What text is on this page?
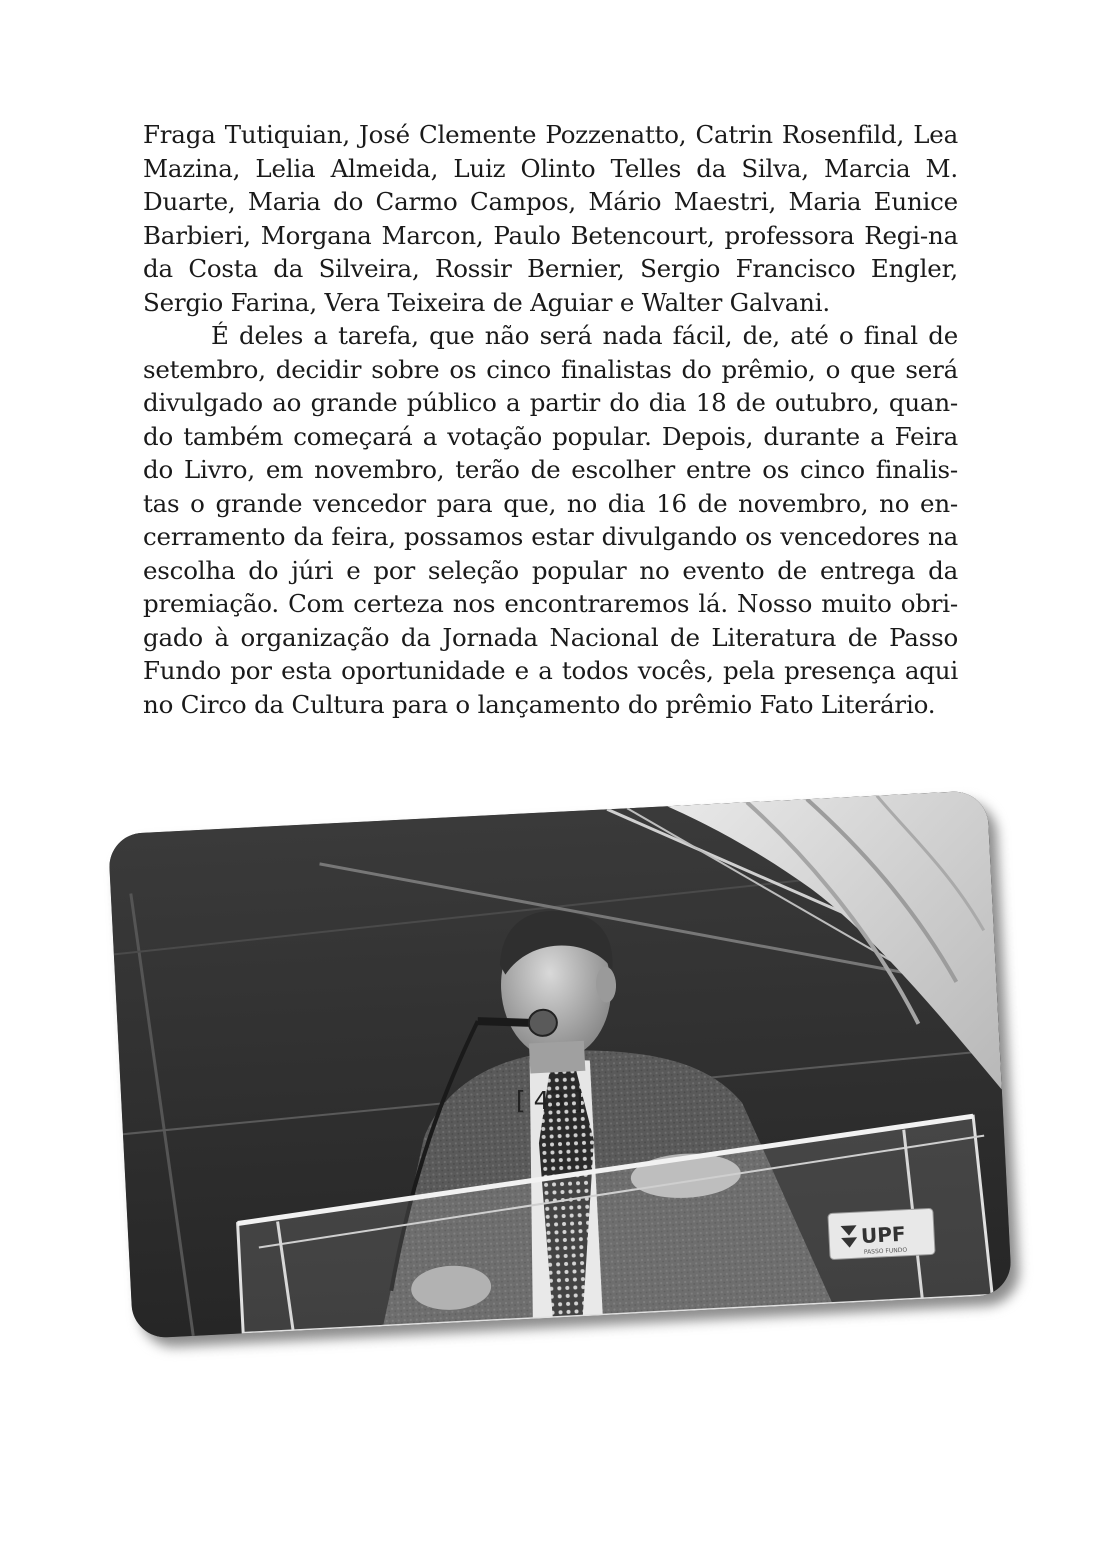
Fraga Tutiquian, José Clemente Pozzenatto, Catrin Rosenfild, Lea Mazina, Lelia Almeida, Luiz Olinto Telles da Silva, Marcia M. Duarte, Maria do Carmo Campos, Mário Maestri, Maria Eunice Barbieri, Morgana Marcon, Paulo Betencourt, professora Regi-na da Costa da Silveira, Rossir Bernier, Sergio Francisco Engler, Sergio Farina, Vera Teixeira de Aguiar e Walter Galvani.

É deles a tarefa, que não será nada fácil, de, até o final de setembro, decidir sobre os cinco finalistas do prêmio, o que será divulgado ao grande público a partir do dia 18 de outubro, quan-do também começará a votação popular. Depois, durante a Feira do Livro, em novembro, terão de escolher entre os cinco finalis-tas o grande vencedor para que, no dia 16 de novembro, no en-cerramento da feira, possamos estar divulgando os vencedores na escolha do júri e por seleção popular no evento de entrega da premiação. Com certeza nos encontraremos lá. Nosso muito obri-gado à organização da Jornada Nacional de Literatura de Passo Fundo por esta oportunidade e a todos vocês, pela presença aqui no Circo da Cultura para o lançamento do prêmio Fato Literário.

UPF
PASSO FUNDO
[ 43 ]
